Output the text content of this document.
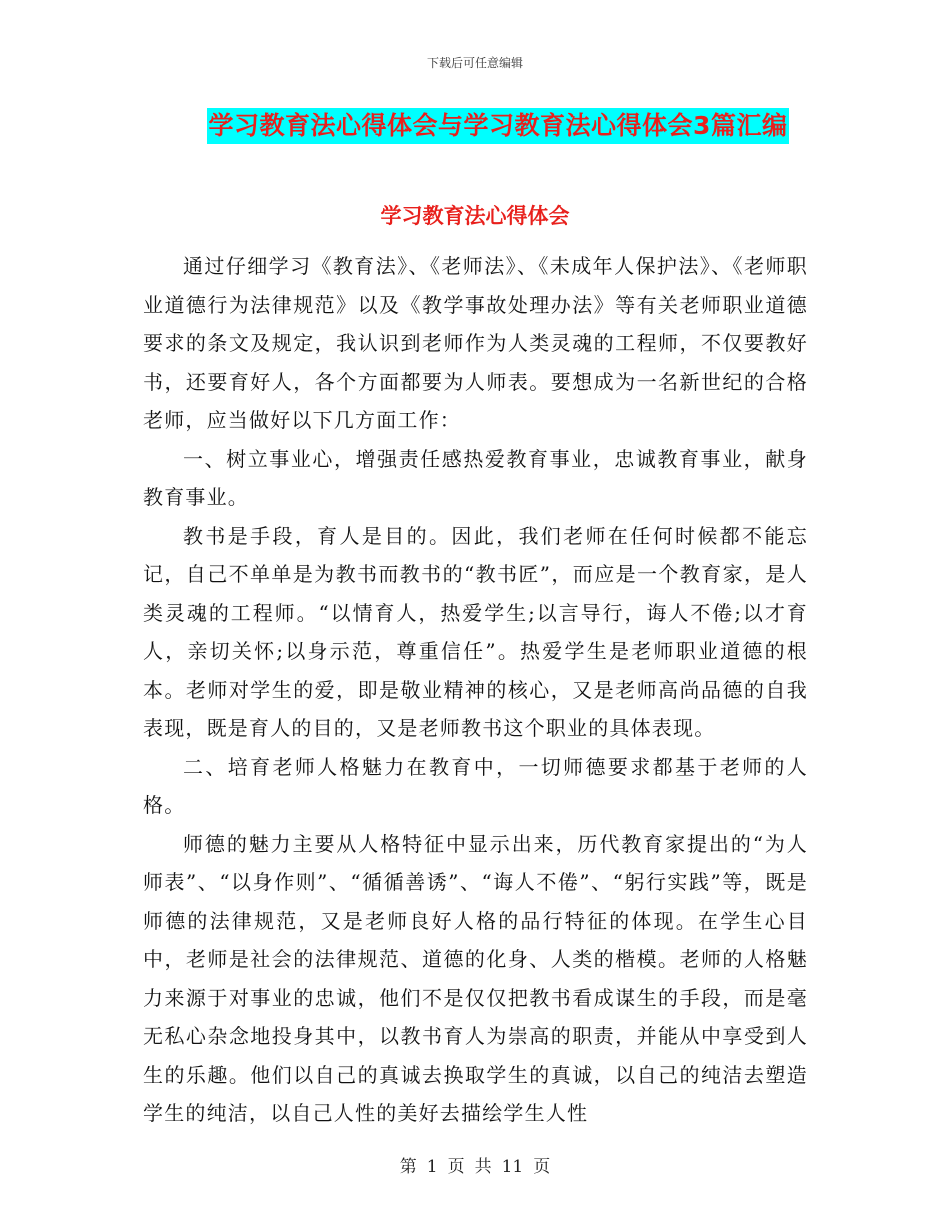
下载后可任意编辑
学习教育法心得体会与学习教育法心得体会3篇汇编
学习教育法心得体会

通过仔细学习《教育法》、《老师法》、《未成年人保护法》、《老师职业道德行为法律规范》以及《教学事故处理办法》等有关老师职业道德要求的条文及规定，我认识到老师作为人类灵魂的工程师，不仅要教好书，还要育好人，各个方面都要为人师表。要想成为一名新世纪的合格老师，应当做好以下几方面工作：

一、树立事业心，增强责任感热爱教育事业，忠诚教育事业，献身教育事业。

教书是手段，育人是目的。因此，我们老师在任何时候都不能忘记，自己不单单是为教书而教书的“教书匠”，而应是一个教育家，是人类灵魂的工程师。“以情育人，热爱学生;以言导行，诲人不倦;以才育人，亲切关怀;以身示范，尊重信任”。热爱学生是老师职业道德的根本。老师对学生的爱，即是敬业精神的核心，又是老师高尚品德的自我表现，既是育人的目的，又是老师教书这个职业的具体表现。

二、培育老师人格魅力在教育中，一切师德要求都基于老师的人格。

师德的魅力主要从人格特征中显示出来，历代教育家提出的“为人师表”、“以身作则”、“循循善诱”、“诲人不倦”、“躬行实践”等，既是师德的法律规范，又是老师良好人格的品行特征的体现。在学生心目中，老师是社会的法律规范、道德的化身、人类的楷模。老师的人格魅力来源于对事业的忠诚，他们不是仅仅把教书看成谋生的手段，而是毫无私心杂念地投身其中，以教书育人为崇高的职责，并能从中享受到人生的乐趣。他们以自己的真诚去换取学生的真诚，以自己的纯洁去塑造学生的纯洁，以自己人性的美好去描绘学生人性

第 1 页 共 11 页
